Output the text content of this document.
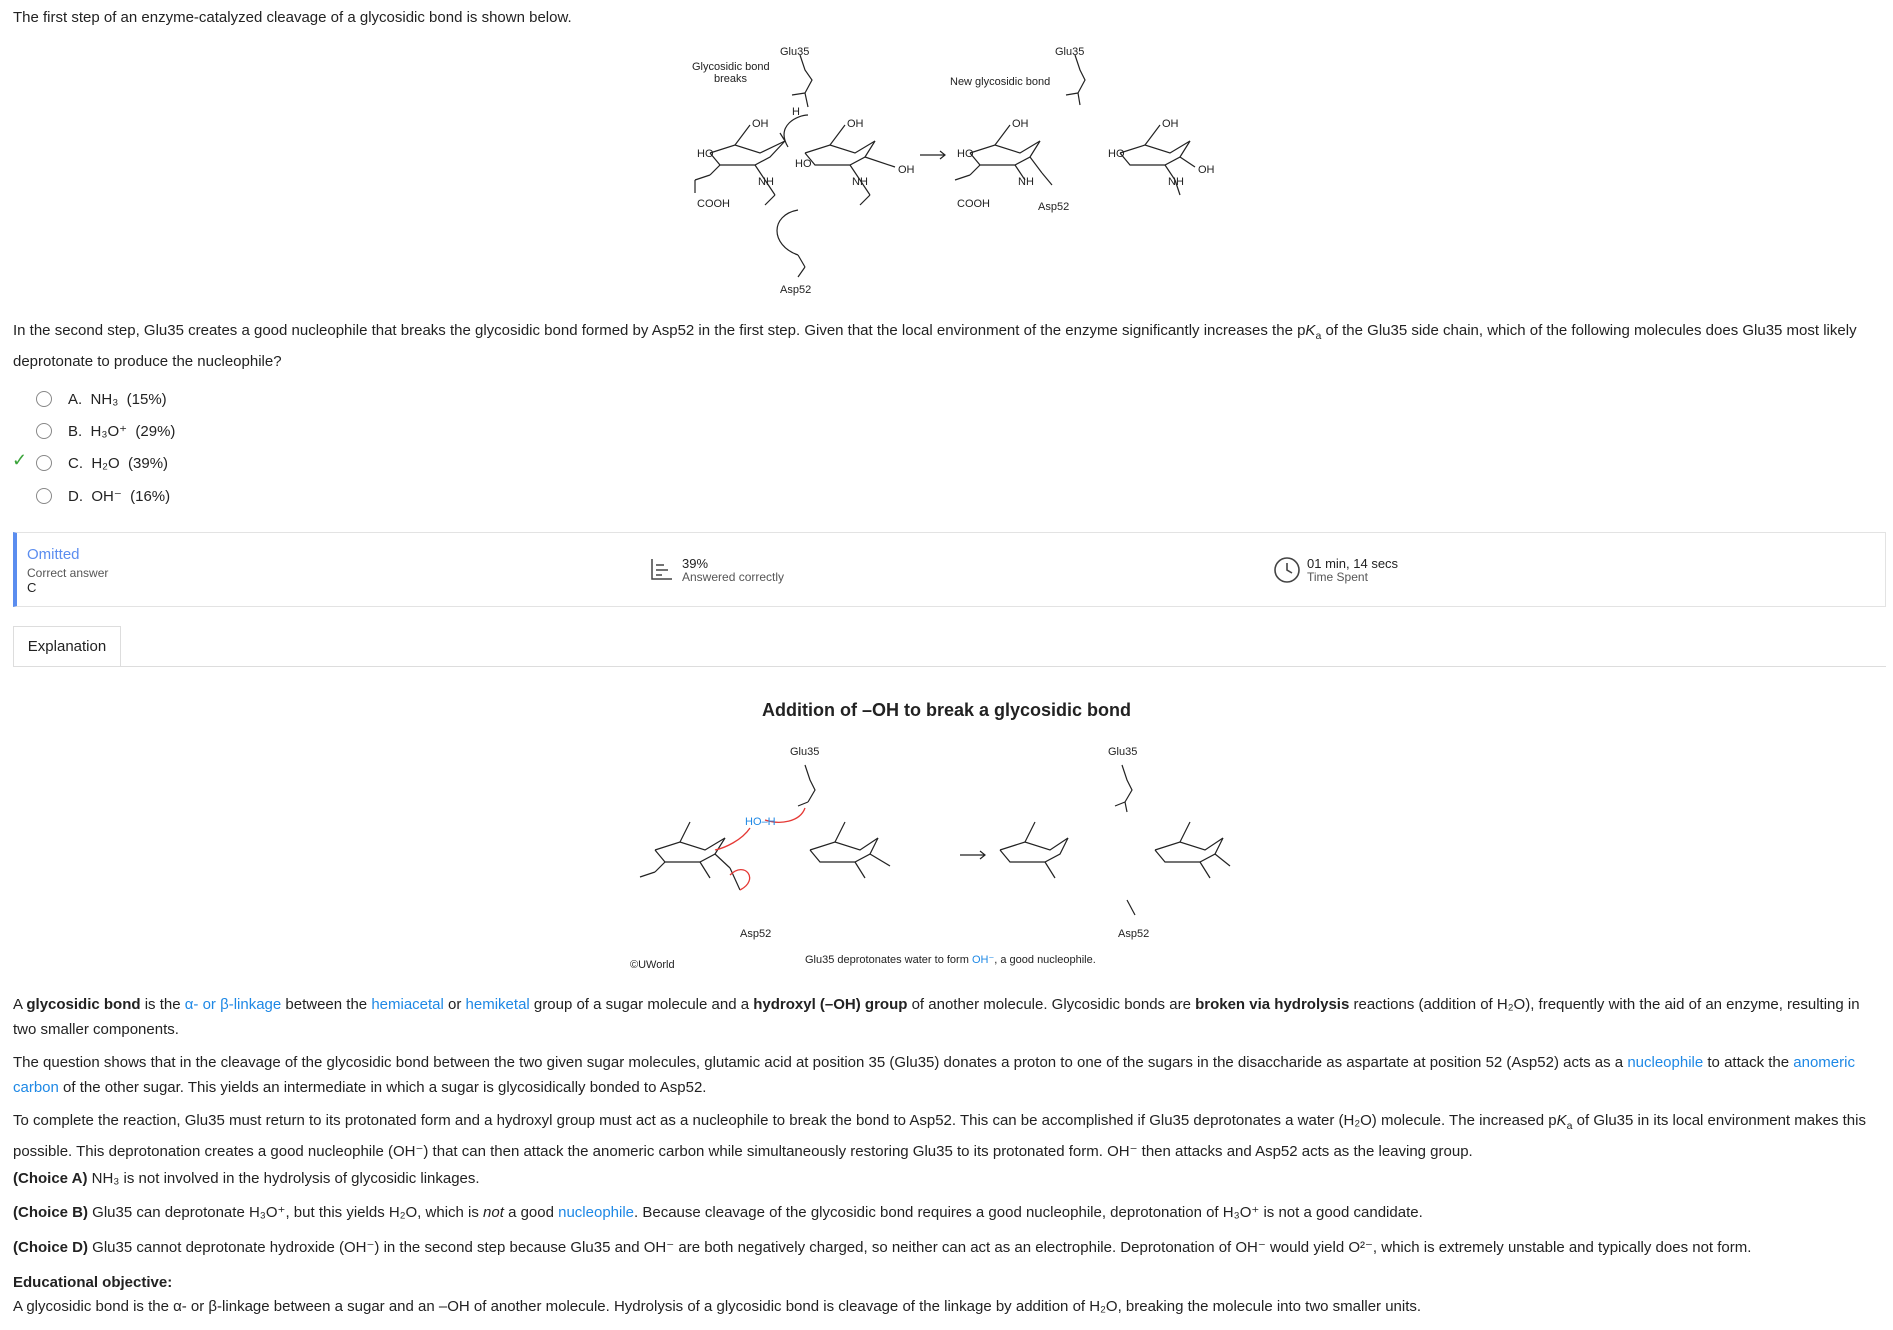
The first step of an enzyme-catalyzed cleavage of a glycosidic bond is shown below.
Glu35	Glu35
Glycosidic bond
breaks	New glycosidic bond
Asp52
Asp52
OH	OH	OH	OH
OH	OH
HO
HO
HO	HO
NH	NH	NH	NH
COOH	COOH
H
In the second step, Glu35 creates a good nucleophile that breaks the glycosidic bond formed by Asp52 in the first step. Given that the local environment of the enzyme significantly increases the $pK_a$ of the Glu35 side chain, which of the following molecules does Glu35 most likely deprotonate to produce the nucleophile?
A.
NH₃
(15%)
B.
H₃O⁺
(29%)
✓	C.
H₂O
(39%)
D.
OH⁻
(16%)
Omitted
Correct answer
C
39%
Answered correctly
01 min, 14 secs
Time Spent
Explanation
Addition of –OH to break a glycosidic bond
Glu35	Glu35
Asp52	Asp52
HO–H
©UWorld	Glu35 deprotonates water to form OH⁻, a good nucleophile.
A glycosidic bond is the α- or β-linkage between the hemiacetal or hemiketal group of a sugar molecule and a hydroxyl (–OH) group of another molecule. Glycosidic bonds are broken via hydrolysis reactions (addition of H₂O), frequently with the aid of an enzyme, resulting in two smaller components.
The question shows that in the cleavage of the glycosidic bond between the two given sugar molecules, glutamic acid at position 35 (Glu35) donates a proton to one of the sugars in the disaccharide as aspartate at position 52 (Asp52) acts as a nucleophile to attack the anomeric carbon of the other sugar. This yields an intermediate in which a sugar is glycosidically bonded to Asp52.
To complete the reaction, Glu35 must return to its protonated form and a hydroxyl group must act as a nucleophile to break the bond to Asp52. This can be accomplished if Glu35 deprotonates a water (H₂O) molecule. The increased $pK_a$ of Glu35 in its local environment makes this possible. This deprotonation creates a good nucleophile (OH⁻) that can then attack the anomeric carbon while simultaneously restoring Glu35 to its protonated form. OH⁻ then attacks and Asp52 acts as the leaving group.
(Choice A) NH₃ is not involved in the hydrolysis of glycosidic linkages.
(Choice B) Glu35 can deprotonate H₃O⁺, but this yields H₂O, which is not a good nucleophile. Because cleavage of the glycosidic bond requires a good nucleophile, deprotonation of H₃O⁺ is not a good candidate.
(Choice D) Glu35 cannot deprotonate hydroxide (OH⁻) in the second step because Glu35 and OH⁻ are both negatively charged, so neither can act as an electrophile. Deprotonation of OH⁻ would yield O²⁻, which is extremely unstable and typically does not form.
Educational objective:
A glycosidic bond is the α- or β-linkage between a sugar and an –OH of another molecule. Hydrolysis of a glycosidic bond is cleavage of the linkage by addition of H₂O, breaking the molecule into two smaller units.
